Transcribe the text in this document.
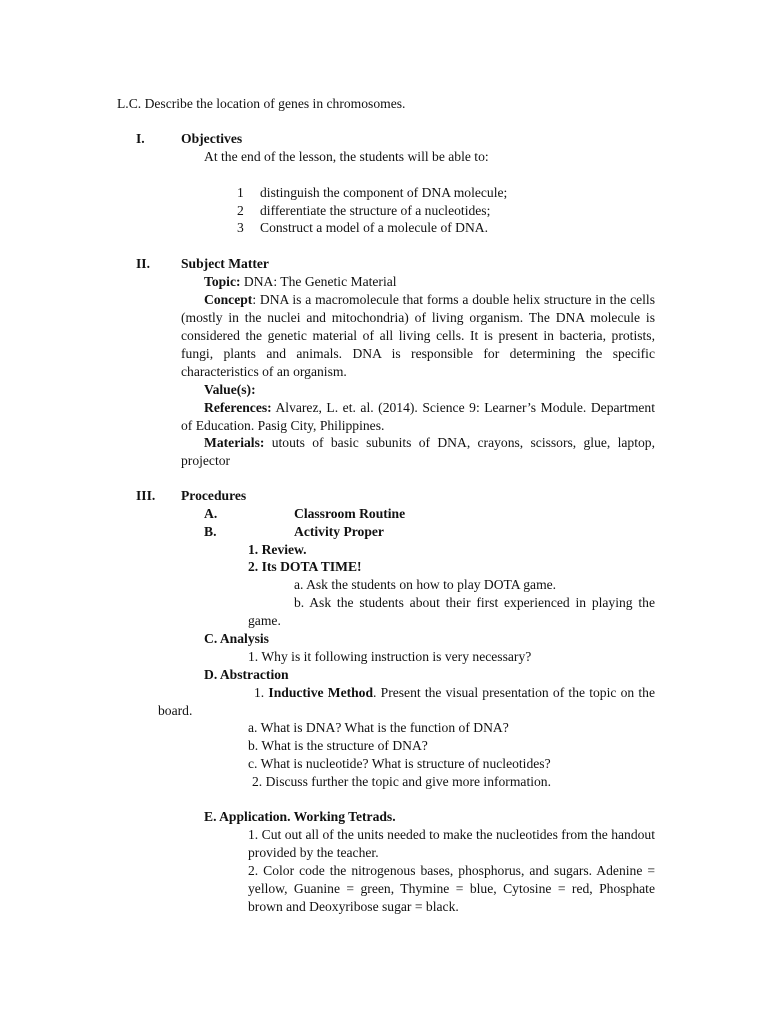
L.C. Describe the location of genes in chromosomes.
I.	Objectives
At the end of the lesson, the students will be able to:
1 distinguish the component of DNA molecule;
2 differentiate the structure of a nucleotides;
3 Construct a model of a molecule of DNA.
II. Subject Matter
Topic: DNA: The Genetic Material
Concept: DNA is a macromolecule that forms a double helix structure in the cells (mostly in the nuclei and mitochondria) of living organism. The DNA molecule is considered the genetic material of all living cells. It is present in bacteria, protists, fungi, plants and animals. DNA is responsible for determining the specific characteristics of an organism.
Value(s):
References: Alvarez, L. et. al. (2014). Science 9: Learner’s Module. Department of Education. Pasig City, Philippines.
Materials: utouts of basic subunits of DNA, crayons, scissors, glue, laptop, projector
III. Procedures
A.	Classroom Routine
B.	Activity Proper
1. Review.
2. Its DOTA TIME!
a. Ask the students on how to play DOTA game.
b. Ask the students about their first experienced in playing the game.
C. Analysis
1. Why is it following instruction is very necessary?
D. Abstraction
1. Inductive Method. Present the visual presentation of the topic on the board.
a. What is DNA? What is the function of DNA?
b. What is the structure of DNA?
c. What is nucleotide? What is structure of nucleotides?
2. Discuss further the topic and give more information.
E. Application. Working Tetrads.
1. Cut out all of the units needed to make the nucleotides from the handout provided by the teacher.
2. Color code the nitrogenous bases, phosphorus, and sugars. Adenine = yellow, Guanine = green, Thymine = blue, Cytosine = red, Phosphate brown and Deoxyribose sugar = black.
